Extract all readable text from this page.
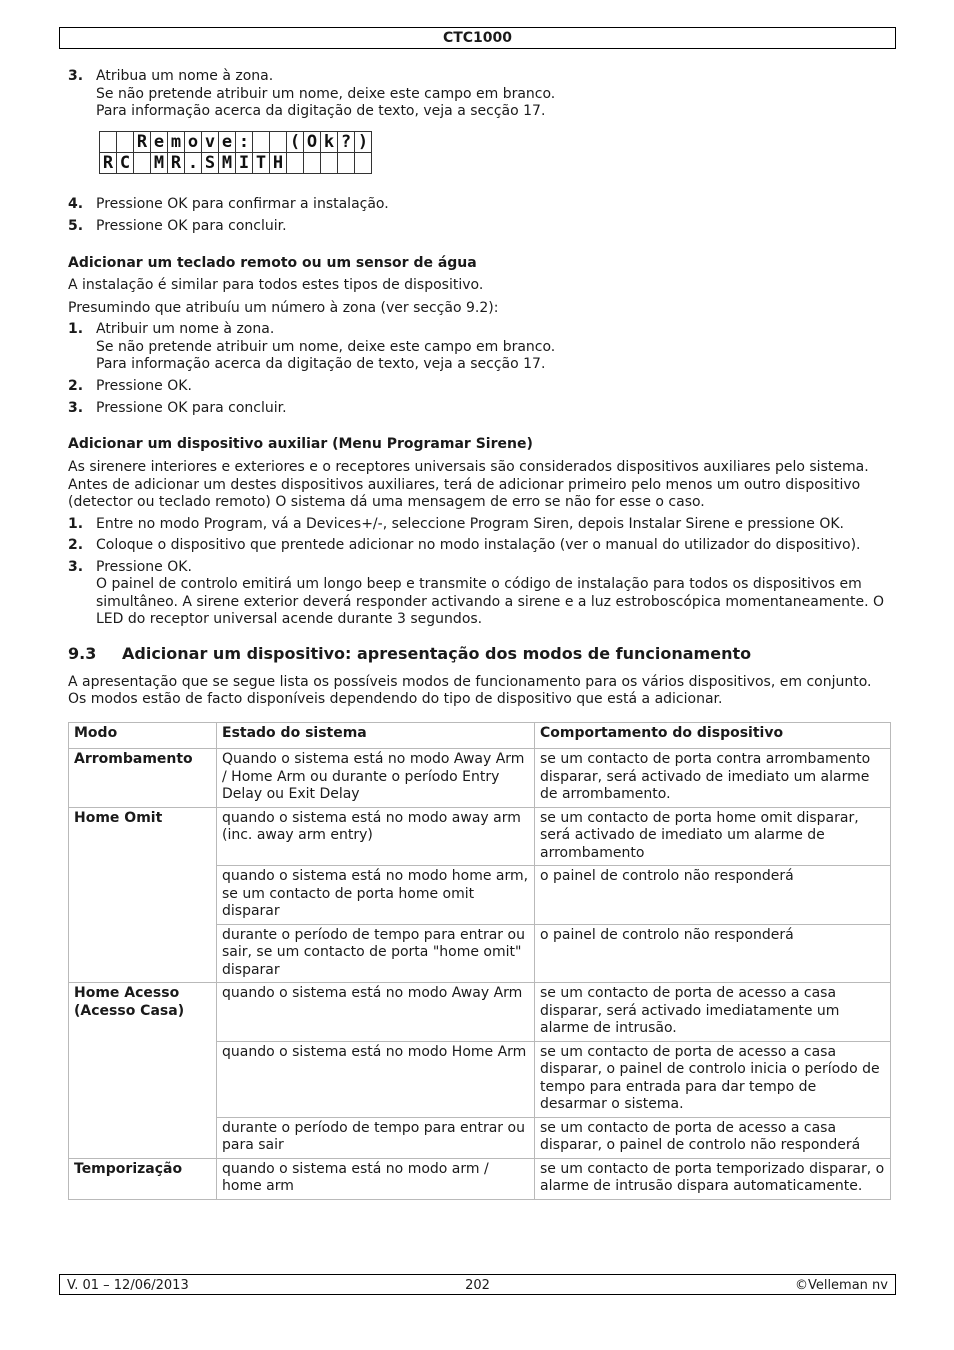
CTC1000
3. Atribua um nome à zona.
Se não pretende atribuir um nome, deixe este campo em branco.
Para informação acerca da digitação de texto, veja a secção 17.
		R	e	m	o	v	e	:			(	O	k	?	)
R	C		M	R	.	S	M	I	T	H					
4. Pressione OK para confirmar a instalação.
5. Pressione OK para concluir.
Adicionar um teclado remoto ou um sensor de água

A instalação é similar para todos estes tipos de dispositivo.

Presumindo que atribuíu um número à zona (ver secção 9.2):

1. Atribuir um nome à zona.
Se não pretende atribuir um nome, deixe este campo em branco.
Para informação acerca da digitação de texto, veja a secção 17.
2. Pressione OK.
3. Pressione OK para concluir.
Adicionar um dispositivo auxiliar (Menu Programar Sirene)

As sirenere interiores e exteriores e o receptores universais são considerados dispositivos auxiliares pelo sistema. Antes de adicionar um destes dispositivos auxiliares, terá de adicionar primeiro pelo menos um outro dispositivo (detector ou teclado remoto) O sistema dá uma mensagem de erro se não for esse o caso.

1. Entre no modo Program, vá a Devices+/-, seleccione Program Siren, depois Instalar Sirene e pressione OK.
2. Coloque o dispositivo que prentede adicionar no modo instalação (ver o manual do utilizador do dispositivo).
3. Pressione OK.
O painel de controlo emitirá um longo beep e transmite o código de instalação para todos os dispositivos em simultâneo. A sirene exterior deverá responder activando a sirene e a luz estroboscópica momentaneamente. O LED do receptor universal acende durante 3 segundos.
9.3 Adicionar um dispositivo: apresentação dos modos de funcionamento

A apresentação que se segue lista os possíveis modos de funcionamento para os vários dispositivos, em conjunto. Os modos estão de facto disponíveis dependendo do tipo de dispositivo que está a adicionar.

Modo	Estado do sistema	Comportamento do dispositivo
Arrombamento	Quando o sistema está no modo Away Arm / Home Arm ou durante o período Entry Delay ou Exit Delay	se um contacto de porta contra arrombamento disparar, será activado de imediato um alarme de arrombamento.
Home Omit	quando o sistema está no modo away arm (inc. away arm entry)	se um contacto de porta home omit disparar, será activado de imediato um alarme de arrombamento
	quando o sistema está no modo home arm, se um contacto de porta home omit disparar	o painel de controlo não responderá
	durante o período de tempo para entrar ou sair, se um contacto de porta "home omit" disparar	o painel de controlo não responderá
Home Acesso (Acesso Casa)	quando o sistema está no modo Away Arm	se um contacto de porta de acesso a casa disparar, será activado imediatamente um alarme de intrusão.
	quando o sistema está no modo Home Arm	se um contacto de porta de acesso a casa disparar, o painel de controlo inicia o período de tempo para entrada para dar tempo de desarmar o sistema.
	durante o período de tempo para entrar ou para sair	se um contacto de porta de acesso a casa disparar, o painel de controlo não responderá
Temporização	quando o sistema está no modo arm / home arm	se um contacto de porta temporizado disparar, o alarme de intrusão dispara automaticamente.
V. 01 – 12/06/2013	202	©Velleman nv
